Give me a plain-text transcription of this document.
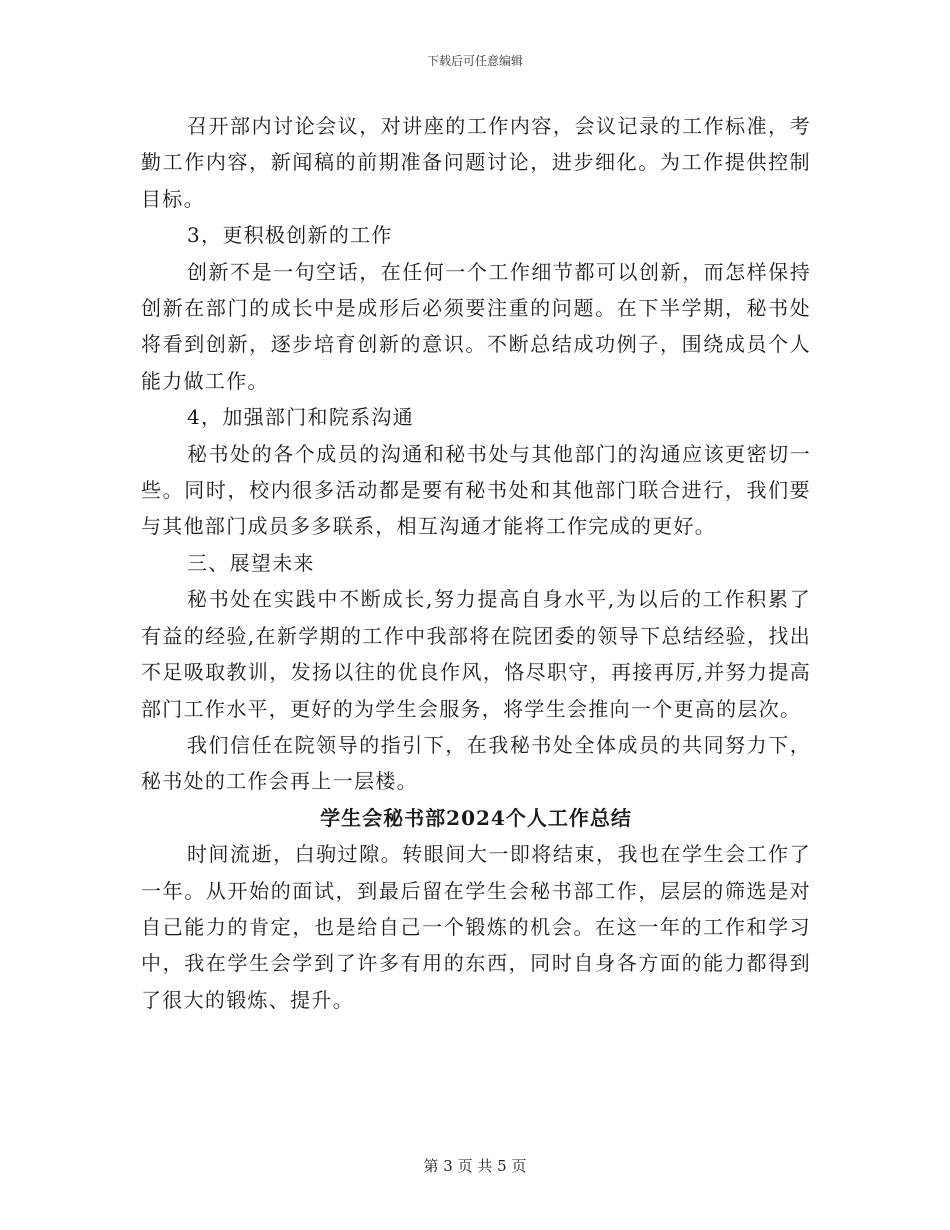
下载后可任意编辑

召开部内讨论会议，对讲座的工作内容，会议记录的工作标准，考勤工作内容，新闻稿的前期准备问题讨论，进步细化。为工作提供控制目标。

3，更积极创新的工作

创新不是一句空话，在任何一个工作细节都可以创新，而怎样保持创新在部门的成长中是成形后必须要注重的问题。在下半学期，秘书处将看到创新，逐步培育创新的意识。不断总结成功例子，围绕成员个人能力做工作。

4，加强部门和院系沟通

秘书处的各个成员的沟通和秘书处与其他部门的沟通应该更密切一些。同时，校内很多活动都是要有秘书处和其他部门联合进行，我们要与其他部门成员多多联系，相互沟通才能将工作完成的更好。

三、展望未来

秘书处在实践中不断成长,努力提高自身水平,为以后的工作积累了有益的经验,在新学期的工作中我部将在院团委的领导下总结经验，找出不足吸取教训，发扬以往的优良作风，恪尽职守，再接再厉,并努力提高部门工作水平，更好的为学生会服务，将学生会推向一个更高的层次。

我们信任在院领导的指引下，在我秘书处全体成员的共同努力下，秘书处的工作会再上一层楼。

学生会秘书部2024个人工作总结

时间流逝，白驹过隙。转眼间大一即将结束，我也在学生会工作了一年。从开始的面试，到最后留在学生会秘书部工作，层层的筛选是对自己能力的肯定，也是给自己一个锻炼的机会。在这一年的工作和学习中，我在学生会学到了许多有用的东西，同时自身各方面的能力都得到了很大的锻炼、提升。

第 3 页 共 5 页
